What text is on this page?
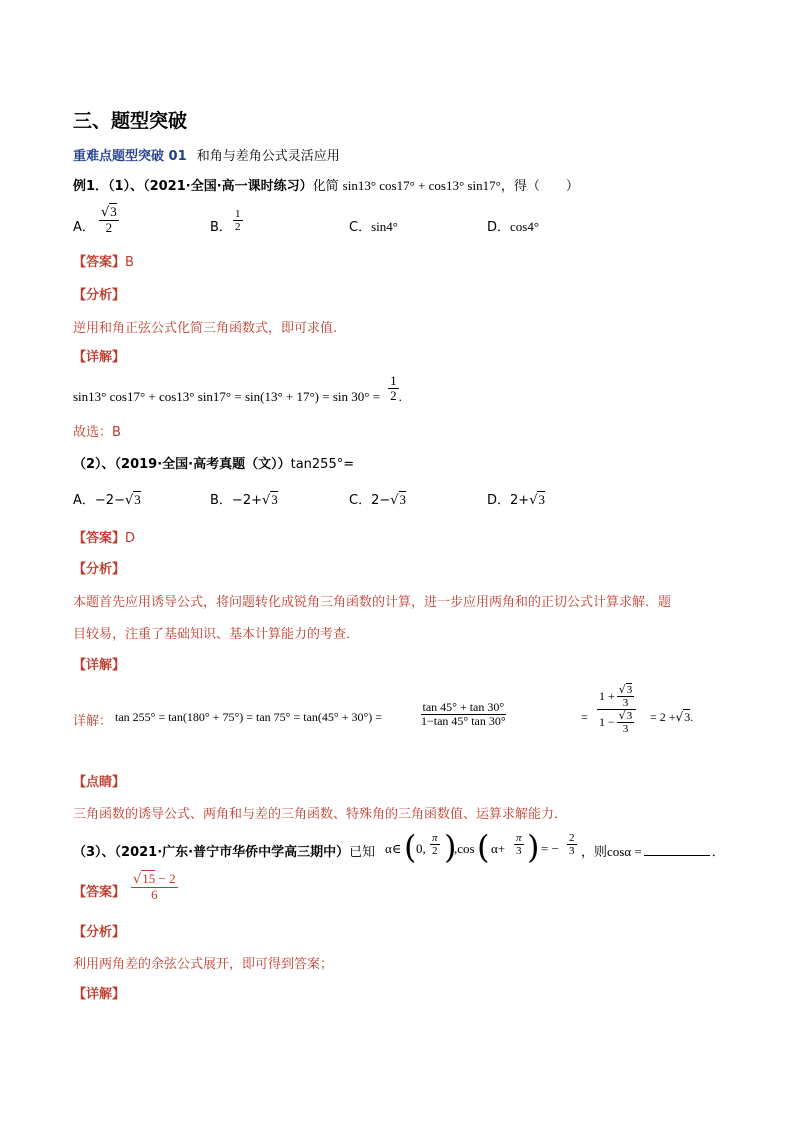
三、题型突破
重难点题型突破 01 和角与差角公式灵活应用
例1．（1）、（2021·全国·高一课时练习）化简 sin13° cos17° + cos13° sin17°，得（　　）
A． $\frac{√3}{2}$	B． $\frac{1}{2}$	C．sin4°	D．cos4°
【答案】B
【分析】
逆用和角正弦公式化简三角函数式，即可求值.
【详解】
$_{sin13^\circ cos17^\circ + cos13^\circ sin17^\circ = sin(13^\circ + 17^\circ) = sin 30^\circ =} \frac{1}{2} _.$
故选：B
（2）、（2019·全国·高考真题（文））tan255°=
A．−2−√3	B．−2+√3	C．2−√3	D．2+√3
【答案】D
【分析】
本题首先应用诱导公式，将问题转化成锐角三角函数的计算，进一步应用两角和的正切公式计算求解．题
目较易，注重了基础知识、基本计算能力的考查．
【详解】
详解： tan 255° = tan(180° + 75°) = tan 75° = tan(45° + 30°) =	$\frac{\tan 45^\circ + \tan 30^\circ}{1-\tan 45^\circ \tan 30^\circ}$	= $\frac{1 + \frac{√3}{3}}{1 - \frac{√3}{3}} = 2 +√3$.
【点睛】
三角函数的诱导公式、两角和与差的三角函数、特殊角的三角函数值、运算求解能力．
（3）、（2021·广东·普宁市华侨中学高三期中）已知 α∈ ( 0, $\frac{\pi}{2}$ )
,cos ( $\alpha+ \frac{\pi}{3}$ ) = − $\frac{2}{3}$ ，则cosα =	．
【答案】 $\frac{√15 - 2}{6}$
【分析】
利用两角差的余弦公式展开，即可得到答案；
【详解】
